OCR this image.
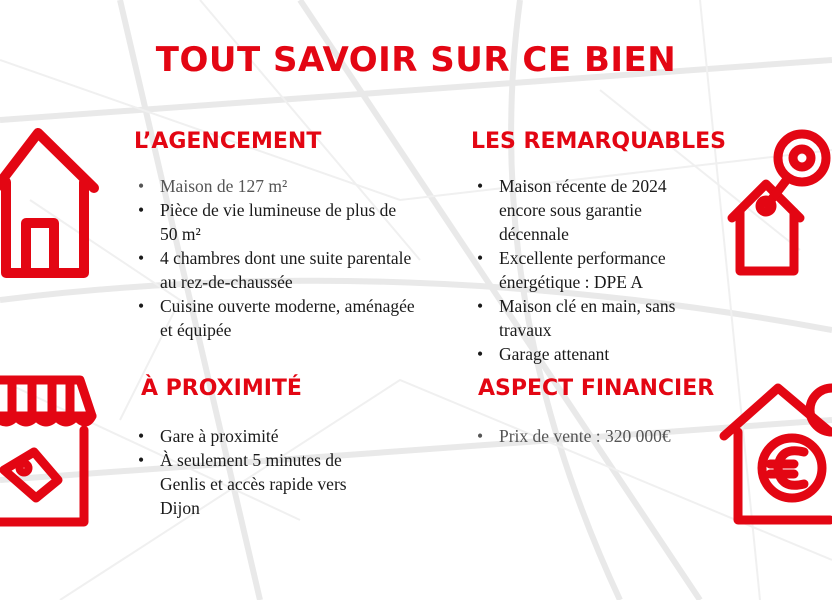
TOUT SAVOIR SUR CE BIEN
L’AGENCEMENT
• Maison de 127 m²
• Pièce de vie lumineuse de plus de 50 m²
• 4 chambres dont une suite parentale au rez-de-chaussée
• Cuisine ouverte moderne, aménagée et équipée
LES REMARQUABLES
• Maison récente de 2024 encore sous garantie décennale
• Excellente performance énergétique : DPE A
• Maison clé en main, sans travaux
• Garage attenant
À PROXIMITÉ
• Gare à proximité
• À seulement 5 minutes de Genlis et accès rapide vers Dijon
ASPECT FINANCIER
• Prix de vente : 320 000€
